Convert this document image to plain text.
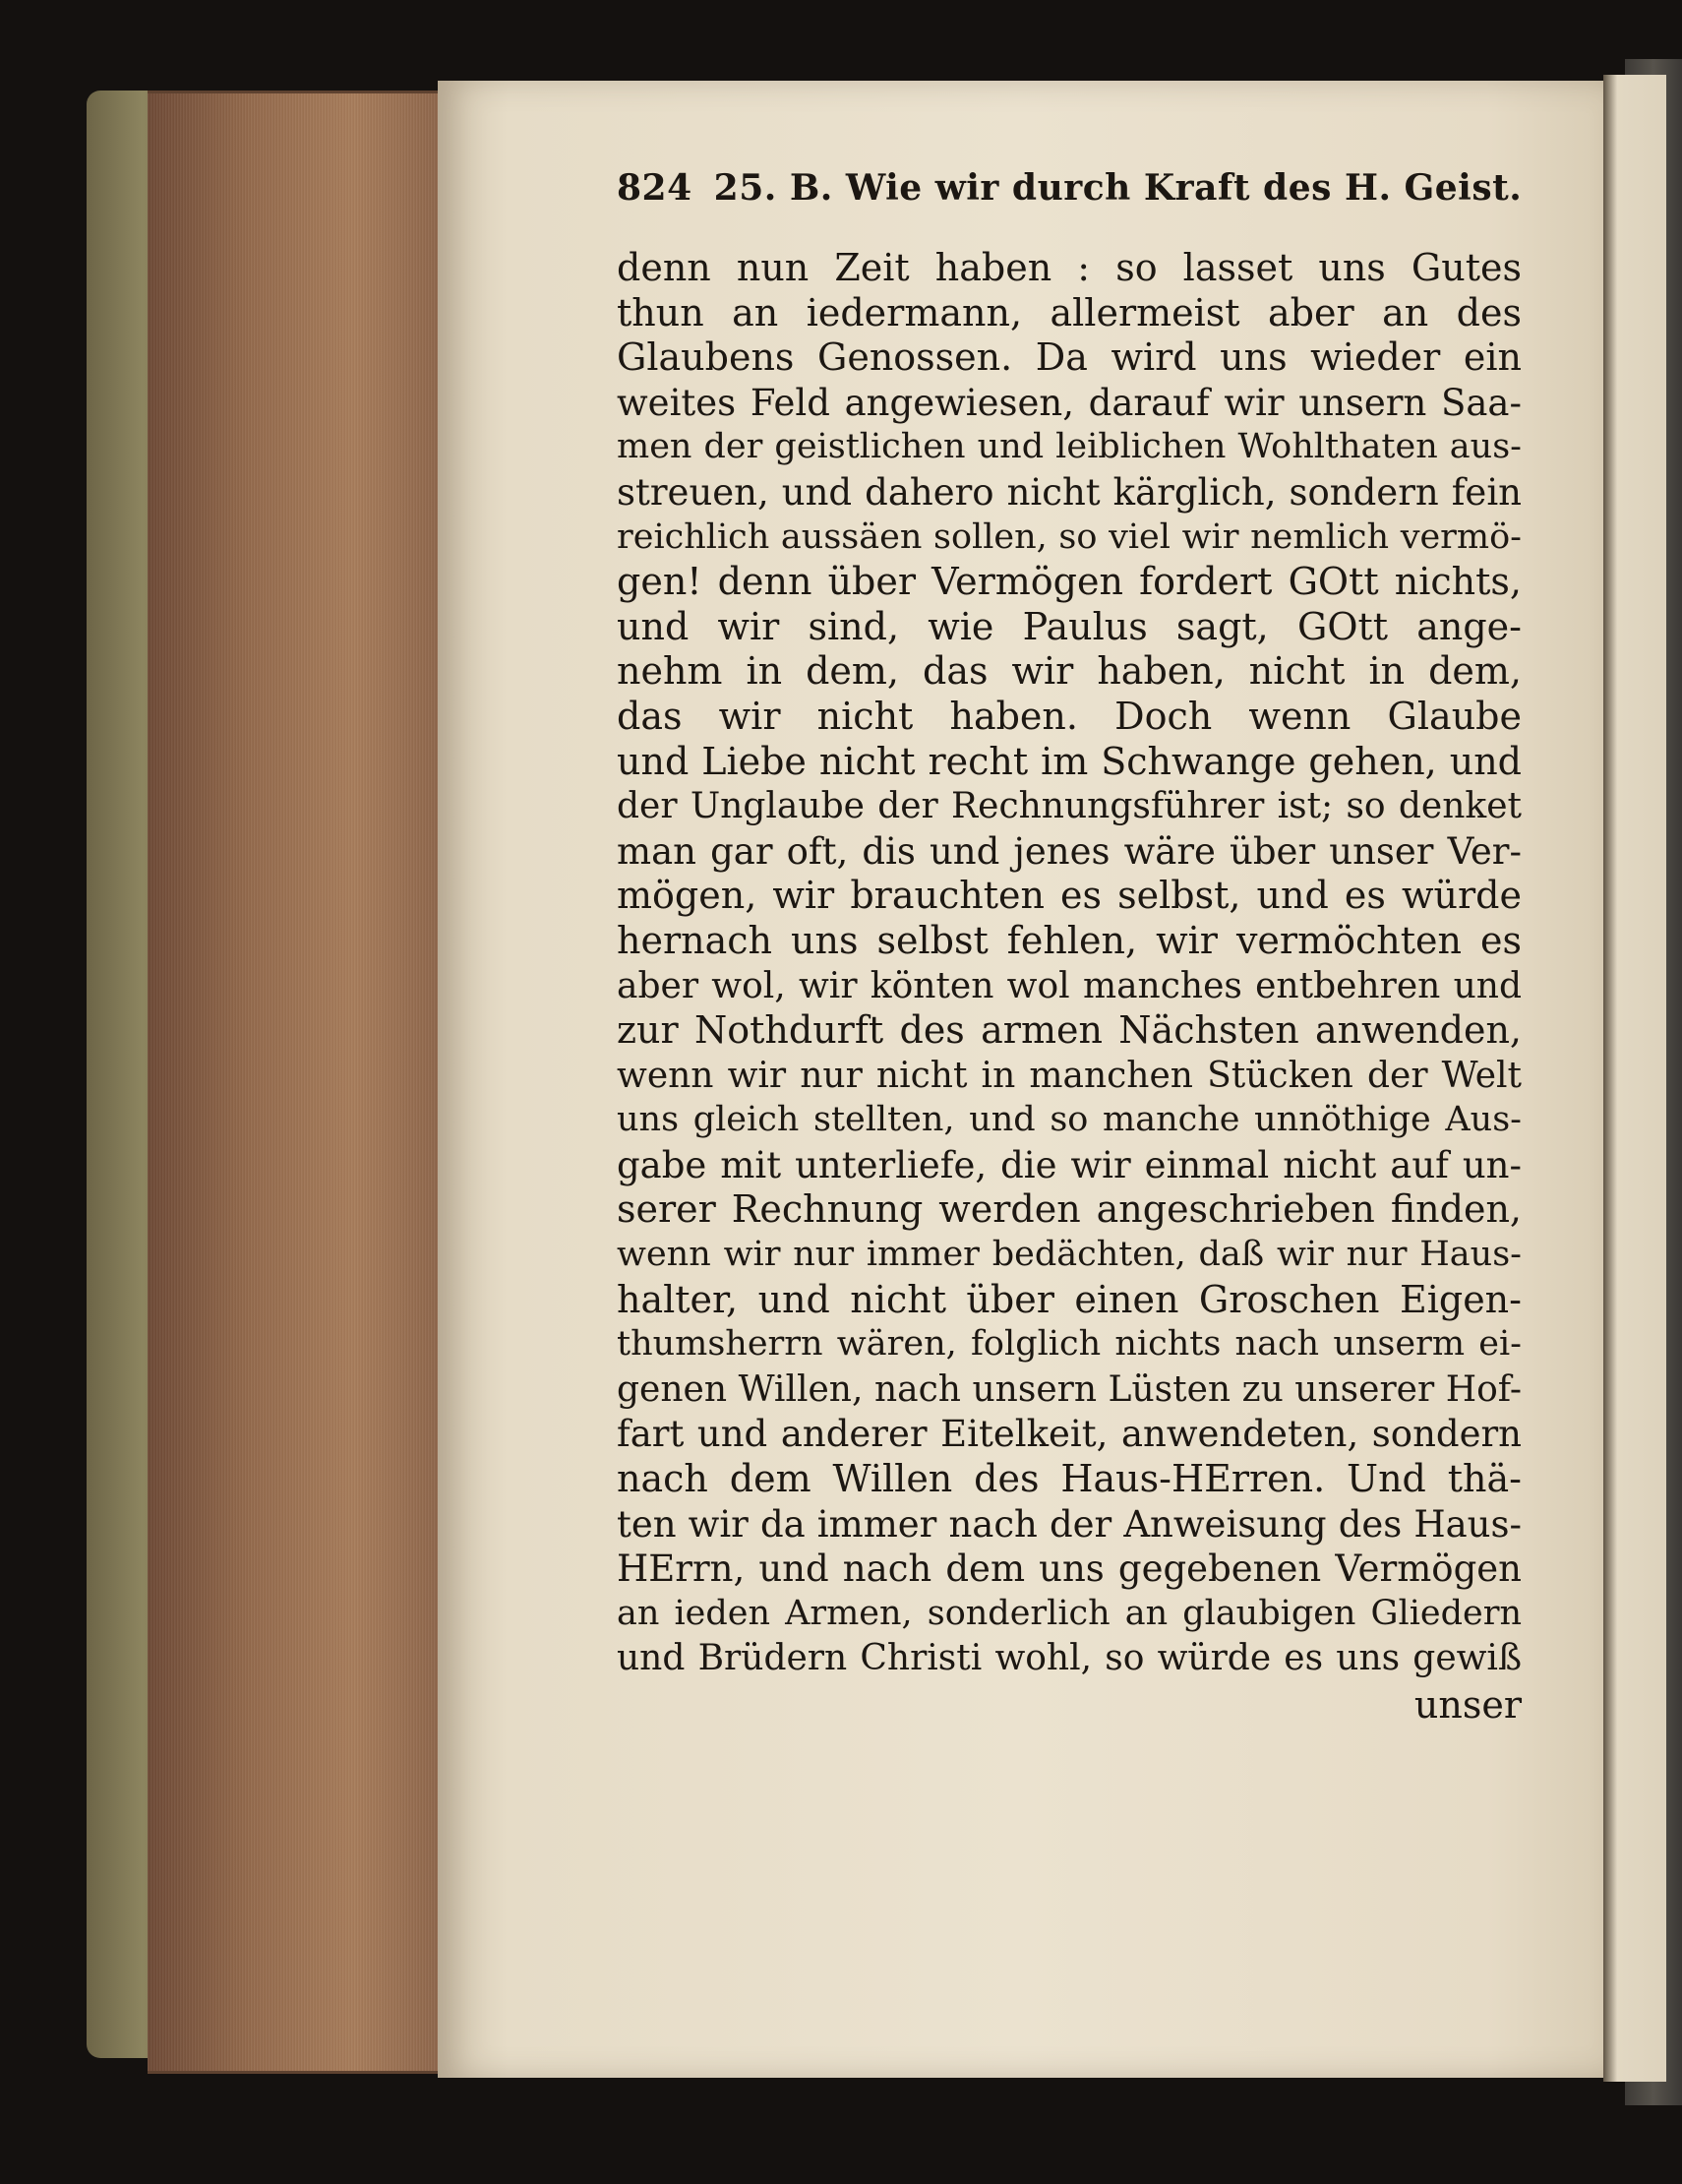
824 25. B. Wie wir durch Kraft des H. Geist.
denn nun Zeit haben : so lasset uns Gutes
thun an iedermann, allermeist aber an des
Glaubens Genossen. Da wird uns wieder ein
weites Feld angewiesen, darauf wir unsern Saa-
men der geistlichen und leiblichen Wohlthaten aus-
streuen, und dahero nicht kärglich, sondern fein
reichlich aussäen sollen, so viel wir nemlich vermö-
gen! denn über Vermögen fordert GOtt nichts,
und wir sind, wie Paulus sagt, GOtt ange-
nehm in dem, das wir haben, nicht in dem,
das wir nicht haben. Doch wenn Glaube
und Liebe nicht recht im Schwange gehen, und
der Unglaube der Rechnungsführer ist; so denket
man gar oft, dis und jenes wäre über unser Ver-
mögen, wir brauchten es selbst, und es würde
hernach uns selbst fehlen, wir vermöchten es
aber wol, wir könten wol manches entbehren und
zur Nothdurft des armen Nächsten anwenden,
wenn wir nur nicht in manchen Stücken der Welt
uns gleich stellten, und so manche unnöthige Aus-
gabe mit unterliefe, die wir einmal nicht auf un-
serer Rechnung werden angeschrieben finden,
wenn wir nur immer bedächten, daß wir nur Haus-
halter, und nicht über einen Groschen Eigen-
thumsherrn wären, folglich nichts nach unserm ei-
genen Willen, nach unsern Lüsten zu unserer Hof-
fart und anderer Eitelkeit, anwendeten, sondern
nach dem Willen des Haus-HErren. Und thä-
ten wir da immer nach der Anweisung des Haus-
HErrn, und nach dem uns gegebenen Vermögen
an ieden Armen, sonderlich an glaubigen Gliedern
und Brüdern Christi wohl, so würde es uns gewiß
unser
